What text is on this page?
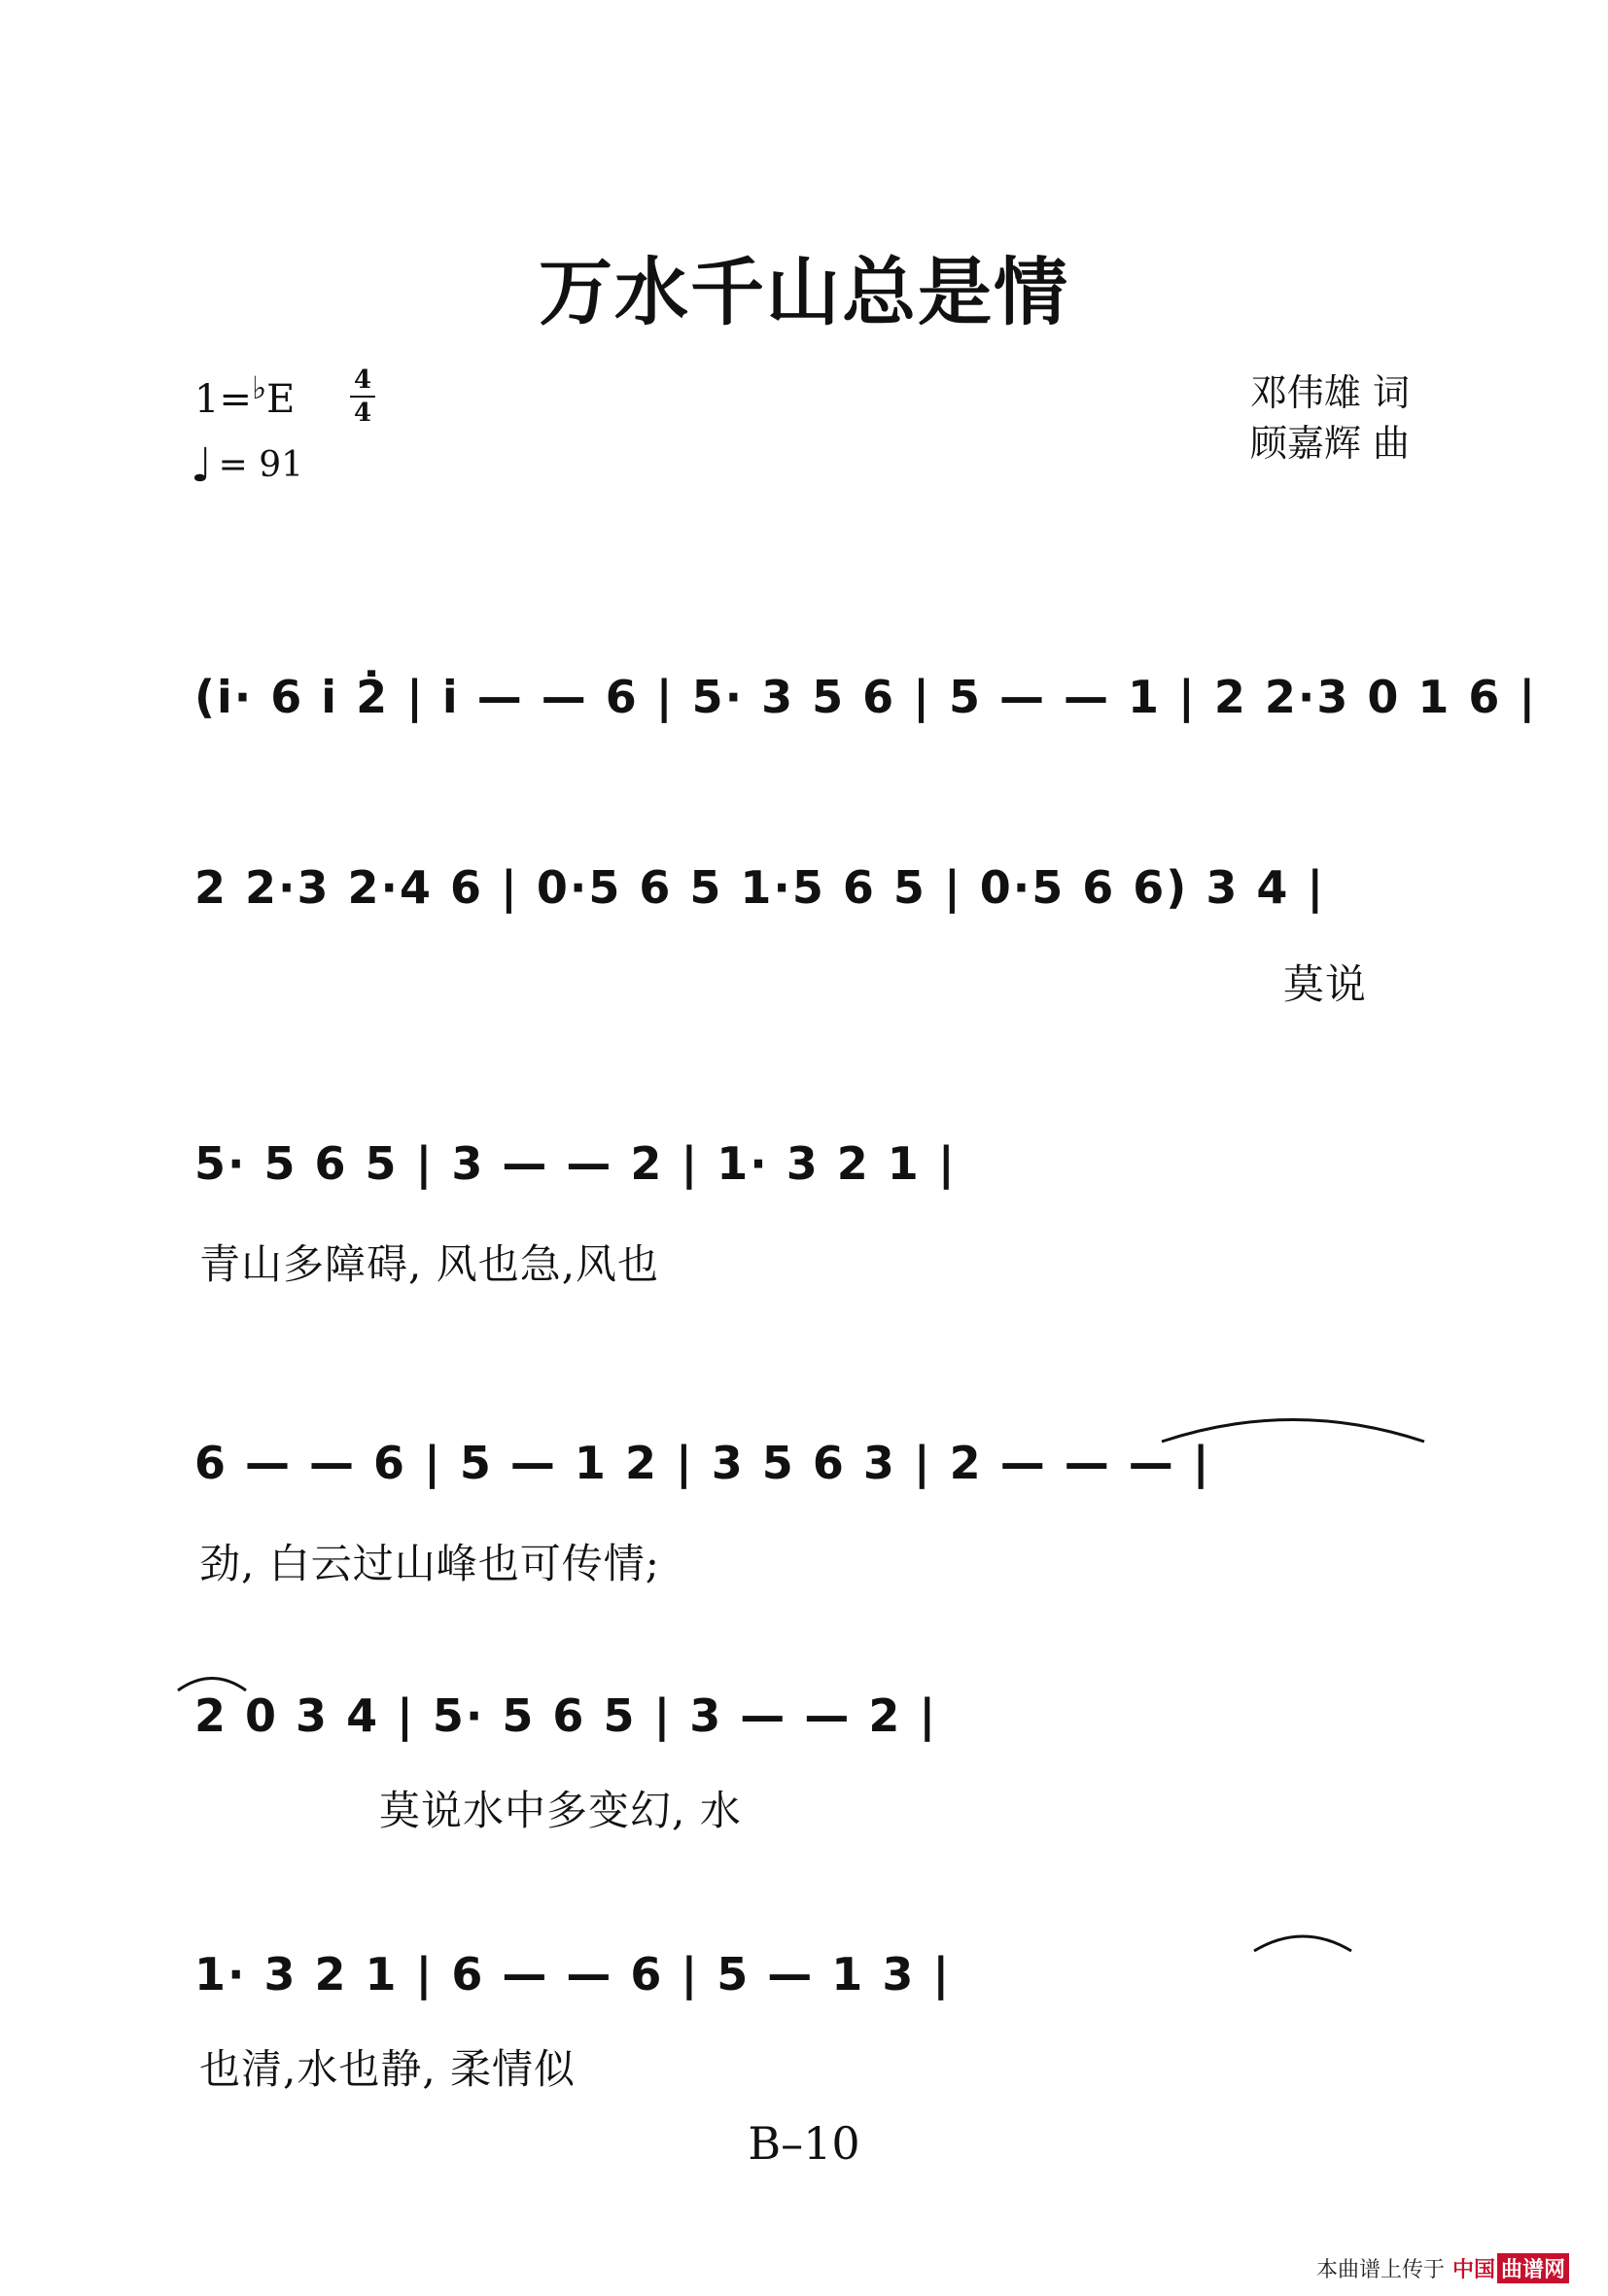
万水千山总是情
1=♭E 4
4
♩ = 91
邓伟雄 词
顾嘉辉 曲
(i̇· 6 i̇ 2̇ | i̇ — — 6 | 5· 3 5 6 | 5 — — 1 | 2 2·3 0 1 6 |
2 2·3 2·4 6 | 0·5 6 5 1·5 6 5 | 0·5 6 6) 3 4 |
莫说
5· 5 6 5 | 3 — — 2 | 1· 3 2 1 |
青山多障碍, 风也急,风也
6 — — 6 | 5 — 1 2 | 3 5 6 3 | 2 — — — |
劲, 白云过山峰也可传情;
2 0 3 4 | 5· 5 6 5 | 3 — — 2 |
莫说水中多变幻, 水
1· 3 2 1 | 6 — — 6 | 5 — 1 3 |
也清,水也静, 柔情似
B–10
本曲谱上传于 中国 曲谱网
